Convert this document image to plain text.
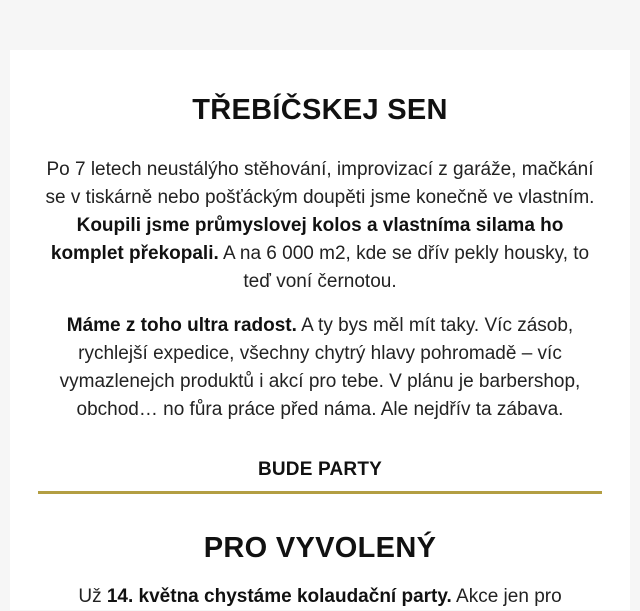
TŘEBÍČSKEJ SEN

Po 7 letech neustálýho stěhování, improvizací z garáže, mačkání se v tiskárně nebo pošťáckým doupěti jsme konečně ve vlastním. Koupili jsme průmyslovej kolos a vlastníma silama ho komplet překopali. A na 6 000 m2, kde se dřív pekly housky, to teď voní černotou.

Máme z toho ultra radost. A ty bys měl mít taky. Víc zásob, rychlejší expedice, všechny chytrý hlavy pohromadě – víc vymazlenejch produktů i akcí pro tebe. V plánu je barbershop, obchod… no fůra práce před náma. Ale nejdřív ta zábava.

BUDE PARTY
PRO VYVOLENÝ

Už 14. května chystáme kolaudační party. Akce jen pro
